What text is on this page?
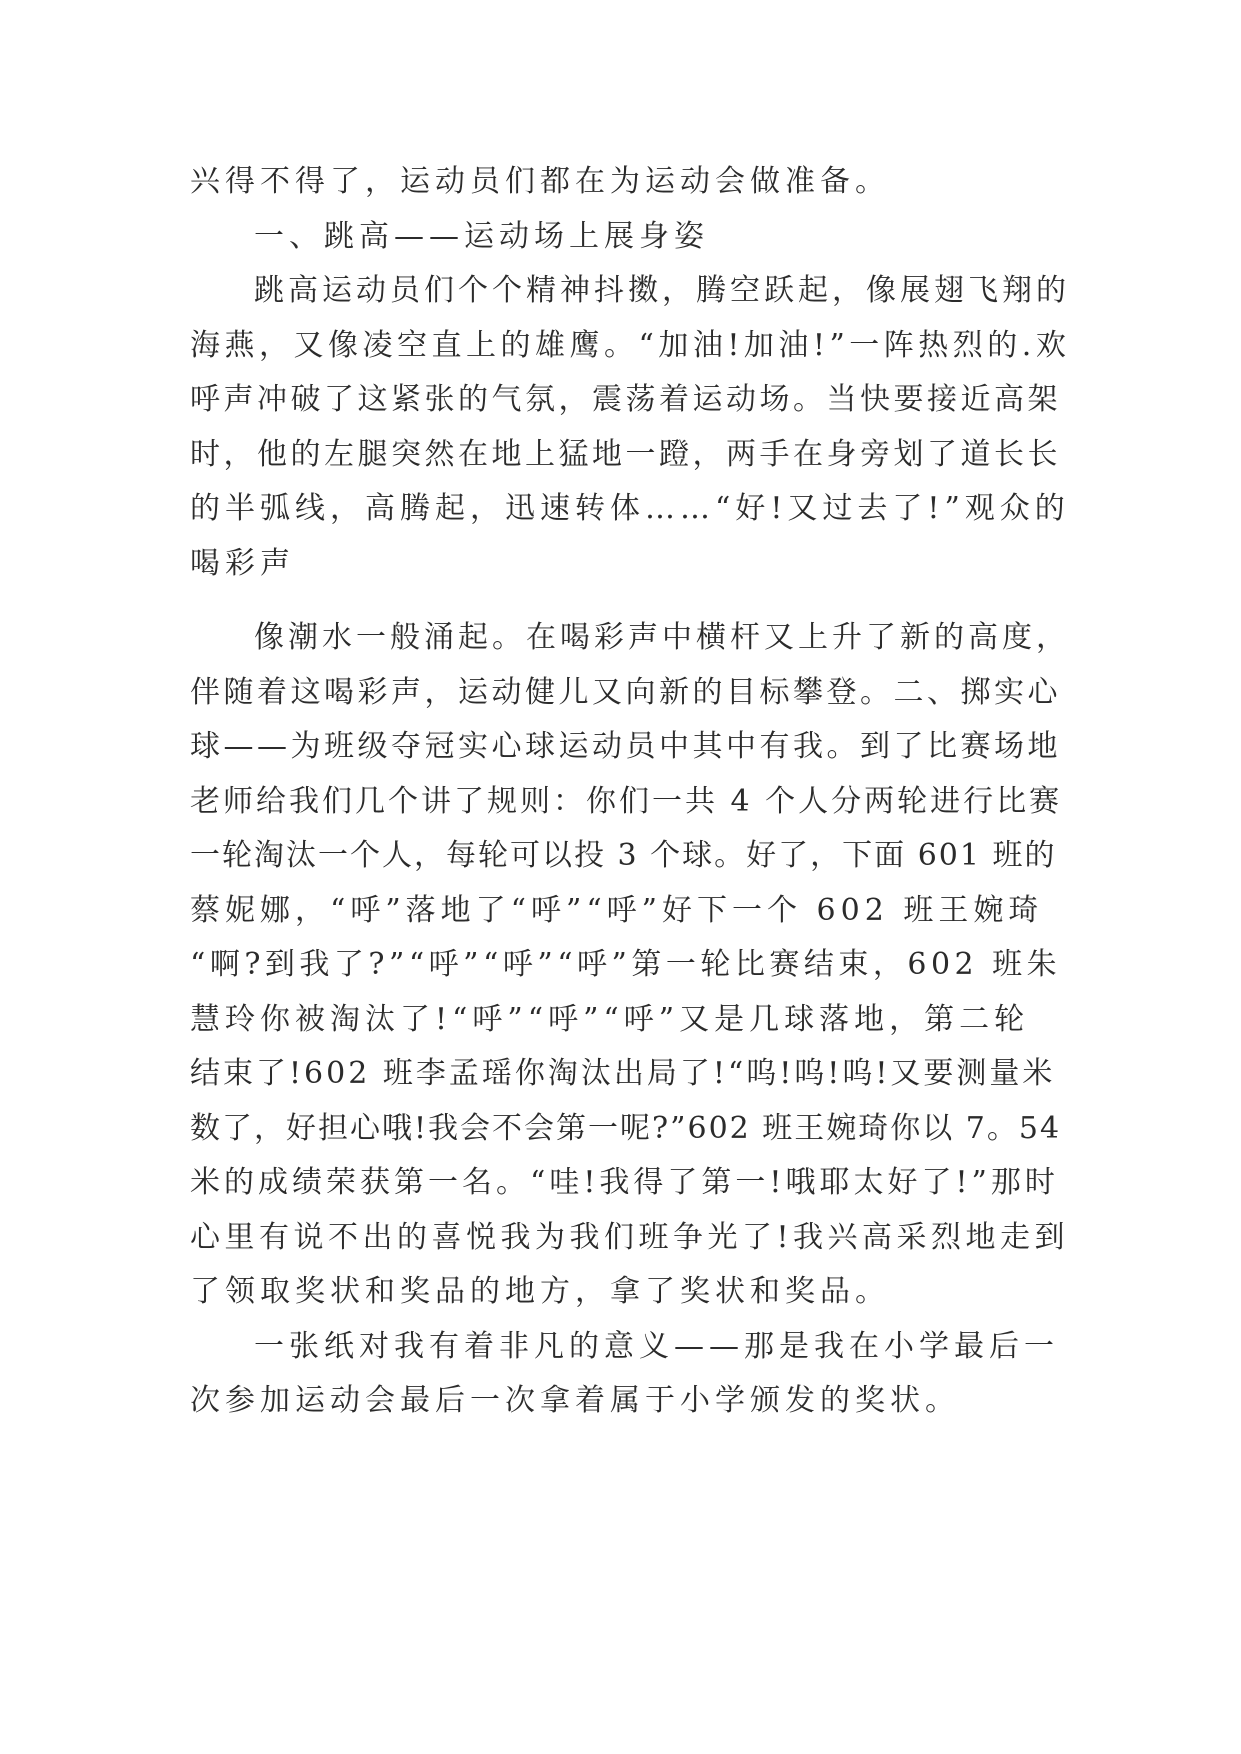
兴得不得了，运动员们都在为运动会做准备。
一、跳高——运动场上展身姿
跳高运动员们个个精神抖擞，腾空跃起，像展翅飞翔的
海燕，又像凌空直上的雄鹰。“加油!加油!”一阵热烈的.欢
呼声冲破了这紧张的气氛，震荡着运动场。当快要接近高架
时，他的左腿突然在地上猛地一蹬，两手在身旁划了道长长
的半弧线，高腾起，迅速转体……“好!又过去了!”观众的
喝彩声
像潮水一般涌起。在喝彩声中横杆又上升了新的高度，
伴随着这喝彩声，运动健儿又向新的目标攀登。二、掷实心
球——为班级夺冠实心球运动员中其中有我。到了比赛场地
老师给我们几个讲了规则：你们一共 4 个人分两轮进行比赛
一轮淘汰一个人，每轮可以投 3 个球。好了，下面 601 班的
蔡妮娜，“呼”落地了“呼”“呼”好下一个 602 班王婉琦
“啊?到我了?”“呼”“呼”“呼”第一轮比赛结束，602 班朱
慧玲你被淘汰了!“呼”“呼”“呼”又是几球落地，第二轮
结束了!602 班李孟瑶你淘汰出局了!“呜!呜!呜!又要测量米
数了，好担心哦!我会不会第一呢?”602 班王婉琦你以 7。54
米的成绩荣获第一名。“哇!我得了第一!哦耶太好了!”那时
心里有说不出的喜悦我为我们班争光了!我兴高采烈地走到
了领取奖状和奖品的地方，拿了奖状和奖品。
一张纸对我有着非凡的意义——那是我在小学最后一
次参加运动会最后一次拿着属于小学颁发的奖状。
